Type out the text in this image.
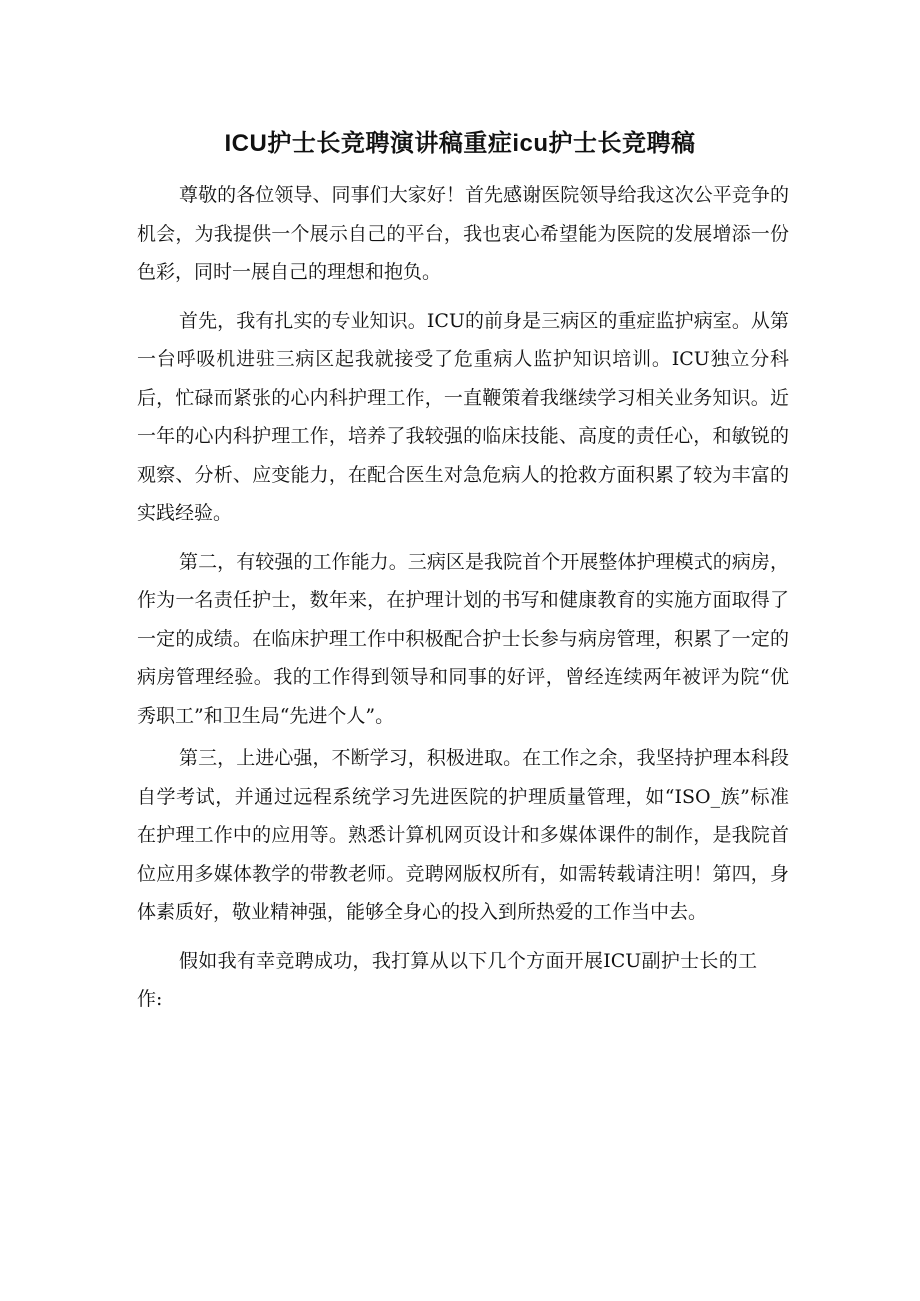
ICU护士长竞聘演讲稿重症icu护士长竞聘稿

尊敬的各位领导、同事们大家好！首先感谢医院领导给我这次公平竞争的机会，为我提供一个展示自己的平台，我也衷心希望能为医院的发展增添一份色彩，同时一展自己的理想和抱负。

首先，我有扎实的专业知识。ICU的前身是三病区的重症监护病室。从第一台呼吸机进驻三病区起我就接受了危重病人监护知识培训。ICU独立分科后，忙碌而紧张的心内科护理工作，一直鞭策着我继续学习相关业务知识。近一年的心内科护理工作，培养了我较强的临床技能、高度的责任心，和敏锐的观察、分析、应变能力，在配合医生对急危病人的抢救方面积累了较为丰富的实践经验。

第二，有较强的工作能力。三病区是我院首个开展整体护理模式的病房，作为一名责任护士，数年来，在护理计划的书写和健康教育的实施方面取得了一定的成绩。在临床护理工作中积极配合护士长参与病房管理，积累了一定的病房管理经验。我的工作得到领导和同事的好评，曾经连续两年被评为院“优秀职工”和卫生局“先进个人”。

第三，上进心强，不断学习，积极进取。在工作之余，我坚持护理本科段自学考试，并通过远程系统学习先进医院的护理质量管理，如“ISO_族”标准在护理工作中的应用等。熟悉计算机网页设计和多媒体课件的制作，是我院首位应用多媒体教学的带教老师。竞聘网版权所有，如需转载请注明！第四，身体素质好，敬业精神强，能够全身心的投入到所热爱的工作当中去。

假如我有幸竞聘成功，我打算从以下几个方面开展ICU副护士长的工作:
